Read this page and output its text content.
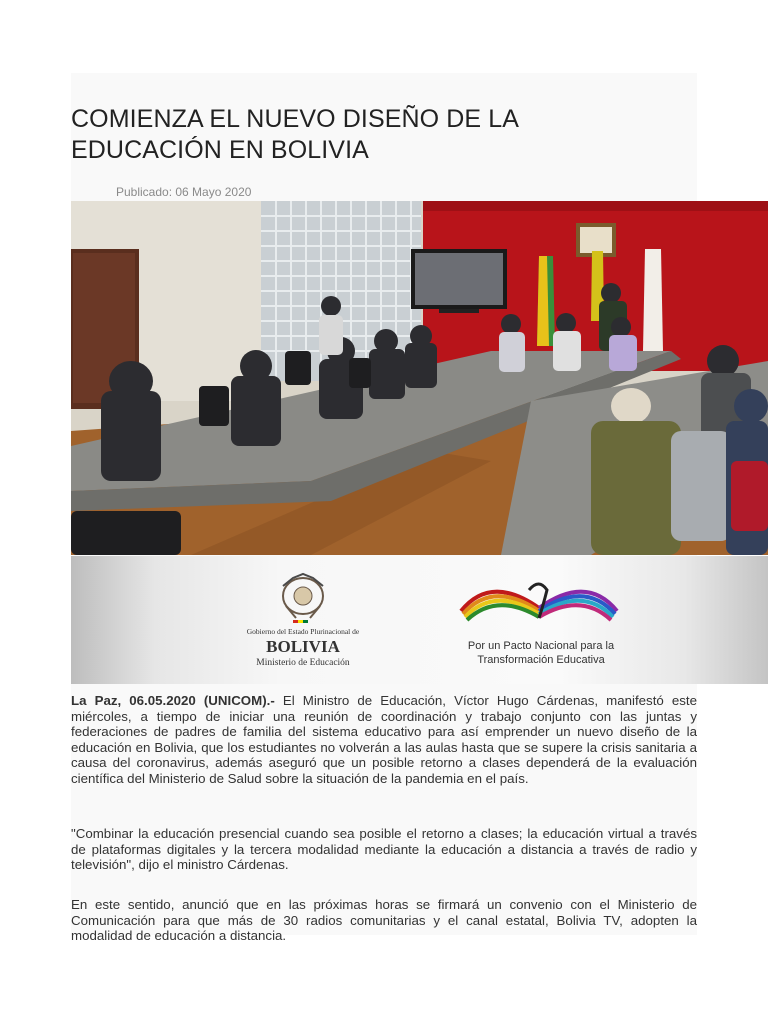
COMIENZA EL NUEVO DISEÑO DE LA EDUCACIÓN EN BOLIVIA
Publicado: 06 Mayo 2020
Gobierno del Estado Plurinacional de
BOLIVIA
Ministerio de Educación
Por un Pacto Nacional para la
Transformación Educativa

La Paz, 06.05.2020 (UNICOM).- El Ministro de Educación, Víctor Hugo Cárdenas, manifestó este miércoles, a tiempo de iniciar una reunión de coordinación y trabajo conjunto con las juntas y federaciones de padres de familia del sistema educativo para así emprender un nuevo diseño de la educación en Bolivia, que los estudiantes no volverán a las aulas hasta que se supere la crisis sanitaria a causa del coronavirus, además aseguró que un posible retorno a clases dependerá de la evaluación científica del Ministerio de Salud sobre la situación de la pandemia en el país.

"Combinar la educación presencial cuando sea posible el retorno a clases; la educación virtual a través de plataformas digitales y la tercera modalidad mediante la educación a distancia a través de radio y televisión", dijo el ministro Cárdenas.

En este sentido, anunció que en las próximas horas se firmará un convenio con el Ministerio de Comunicación para que más de 30 radios comunitarias y el canal estatal, Bolivia TV, adopten la modalidad de educación a distancia.
